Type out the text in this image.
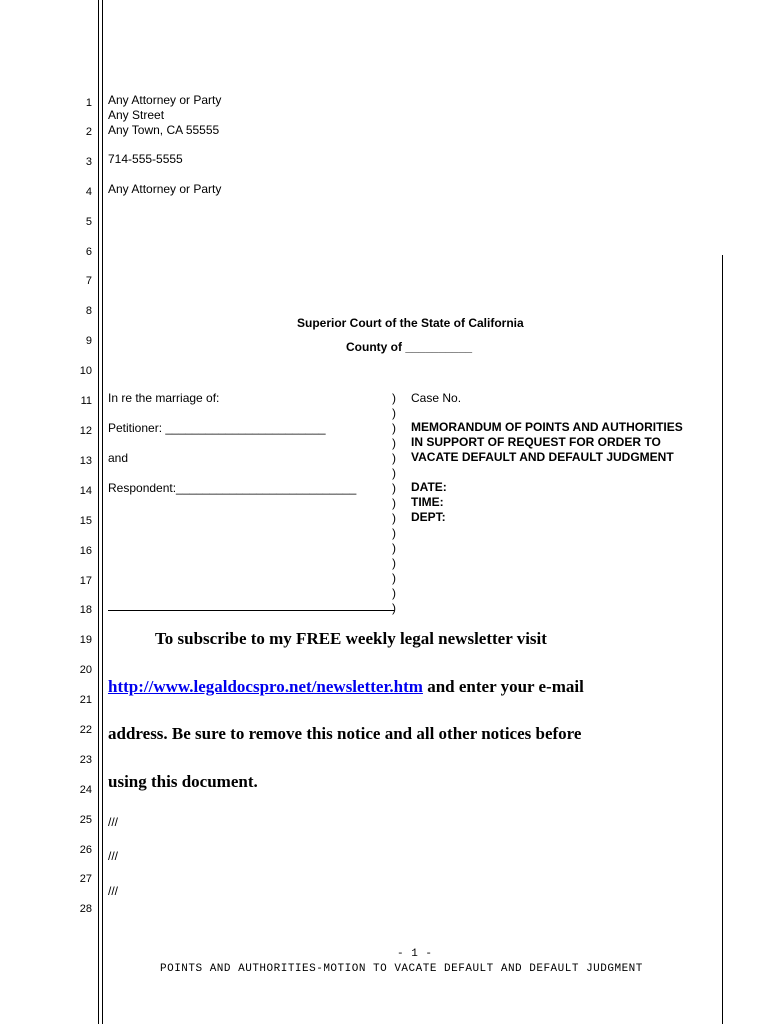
1
2
3
4
5
6
7
8
9
10
11
12
13
14
15
16
17
18
19
20
21
22
23
24
25
26
27
28
Any Attorney or Party
Any Street
Any Town, CA 55555
714-555-5555
Any Attorney or Party
Superior Court of the State of California
County of __________
In re the marriage of:
Petitioner: ________________________
and
Respondent:___________________________
)
)
)
)
)
)
)
)
)
)
)
)
)
)
)
Case No.
MEMORANDUM OF POINTS AND AUTHORITIES
IN SUPPORT OF REQUEST FOR ORDER TO
VACATE DEFAULT AND DEFAULT JUDGMENT
DATE:
TIME:
DEPT:
To subscribe to my FREE weekly legal newsletter visit
http://www.legaldocspro.net/newsletter.htm and enter your e-mail
address. Be sure to remove this notice and all other notices before
using this document.
///
///
///
- 1 -
POINTS AND AUTHORITIES-MOTION TO VACATE DEFAULT AND DEFAULT JUDGMENT
